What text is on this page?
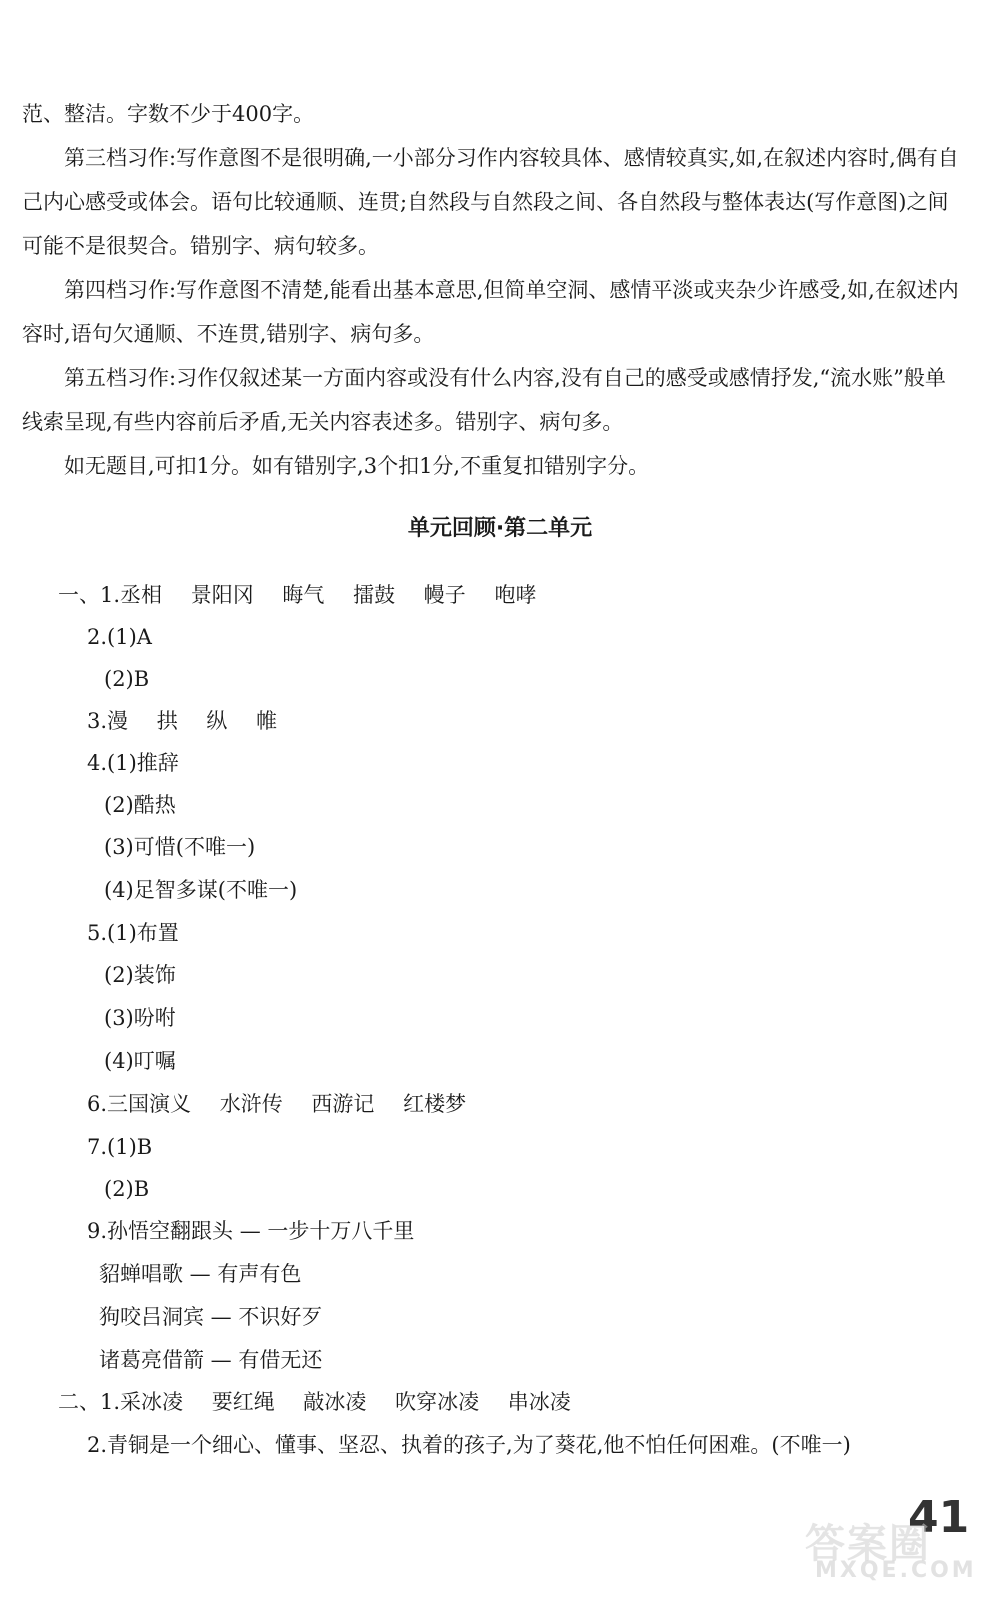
范、整洁。字数不少于400字。
第三档习作:写作意图不是很明确,一小部分习作内容较具体、感情较真实,如,在叙述内容时,偶有自己内心感受或体会。语句比较通顺、连贯;自然段与自然段之间、各自然段与整体表达(写作意图)之间可能不是很契合。错别字、病句较多。
第四档习作:写作意图不清楚,能看出基本意思,但简单空洞、感情平淡或夹杂少许感受,如,在叙述内容时,语句欠通顺、不连贯,错别字、病句多。
第五档习作:习作仅叙述某一方面内容或没有什么内容,没有自己的感受或感情抒发,“流水账”般单线索呈现,有些内容前后矛盾,无关内容表述多。错别字、病句多。
如无题目,可扣1分。如有错别字,3个扣1分,不重复扣错别字分。
单元回顾·第二单元
一、1.丞相 景阳冈 晦气 擂鼓 幔子 咆哮
2.(1)A
(2)B
3.漫 拱 纵 帷
4.(1)推辞
(2)酷热
(3)可惜(不唯一)
(4)足智多谋(不唯一)
5.(1)布置
(2)装饰
(3)吩咐
(4)叮嘱
6.三国演义 水浒传 西游记 红楼梦
7.(1)B
(2)B
9.孙悟空翻跟头 — 一步十万八千里
貂蝉唱歌 — 有声有色
狗咬吕洞宾 — 不识好歹
诸葛亮借箭 — 有借无还
二、1.采冰凌 要红绳 敲冰凌 吹穿冰凌 串冰凌
2.青铜是一个细心、懂事、坚忍、执着的孩子,为了葵花,他不怕任何困难。(不唯一)
41
答案圈
MXQE.COM
